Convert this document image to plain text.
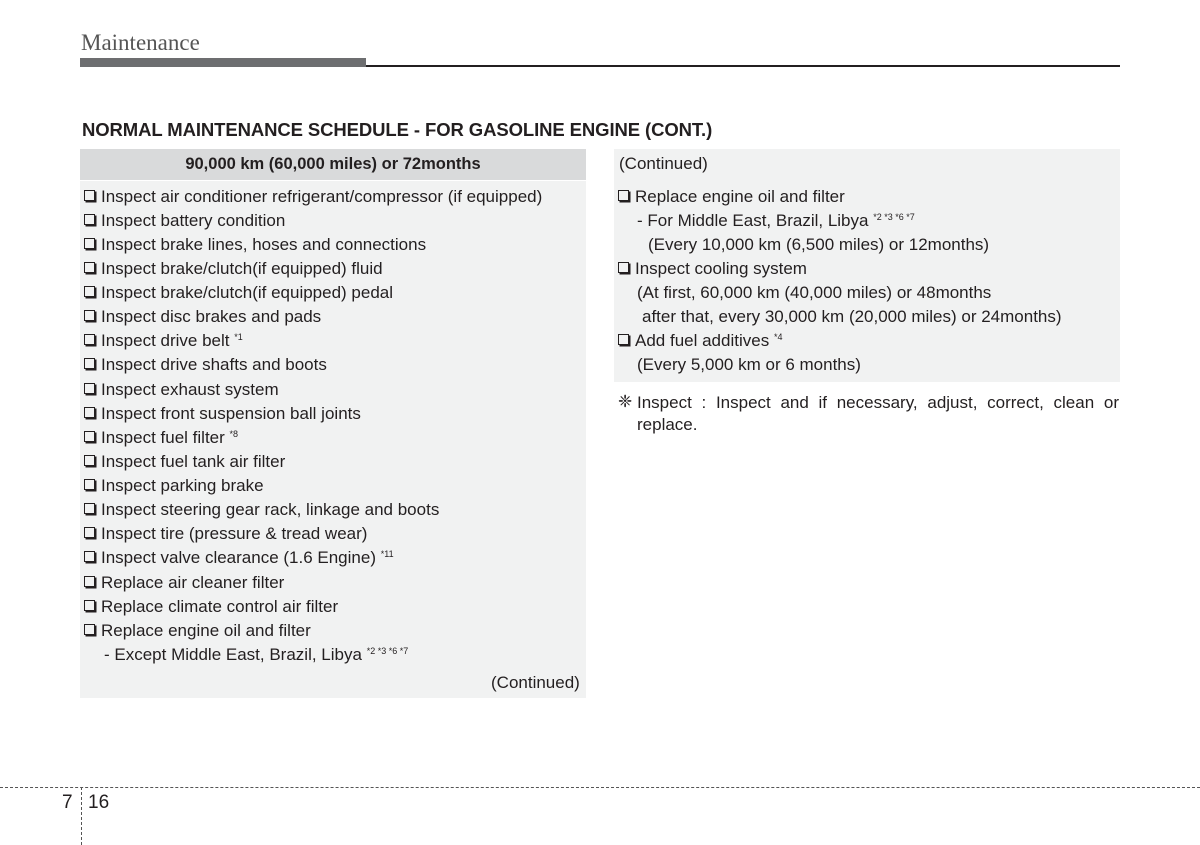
Maintenance
NORMAL MAINTENANCE SCHEDULE - FOR GASOLINE ENGINE (CONT.)
90,000 km (60,000 miles) or 72months
Inspect air conditioner refrigerant/compressor (if equipped)
Inspect battery condition
Inspect brake lines, hoses and connections
Inspect brake/clutch(if equipped) fluid
Inspect brake/clutch(if equipped) pedal
Inspect disc brakes and pads
Inspect drive belt $^{*1}$
Inspect drive shafts and boots
Inspect exhaust system
Inspect front suspension ball joints
Inspect fuel filter $^{*8}$
Inspect fuel tank air filter
Inspect parking brake
Inspect steering gear rack, linkage and boots
Inspect tire (pressure & tread wear)
Inspect valve clearance (1.6 Engine) $^{*11}$
Replace air cleaner filter
Replace climate control air filter
Replace engine oil and filter
- Except Middle East, Brazil, Libya $^{*2 *3 *6 *7}$
(Continued)
(Continued)
Replace engine oil and filter
- For Middle East, Brazil, Libya $^{*2 *3 *6 *7}$
(Every 10,000 km (6,500 miles) or 12months)
Inspect cooling system
(At first, 60,000 km (40,000 miles) or 48months
after that, every 30,000 km (20,000 miles) or 24months)
Add fuel additives $^{*4}$
(Every 5,000 km or 6 months)
❈ Inspect : Inspect and if necessary, adjust, correct, clean or replace.
7 16
